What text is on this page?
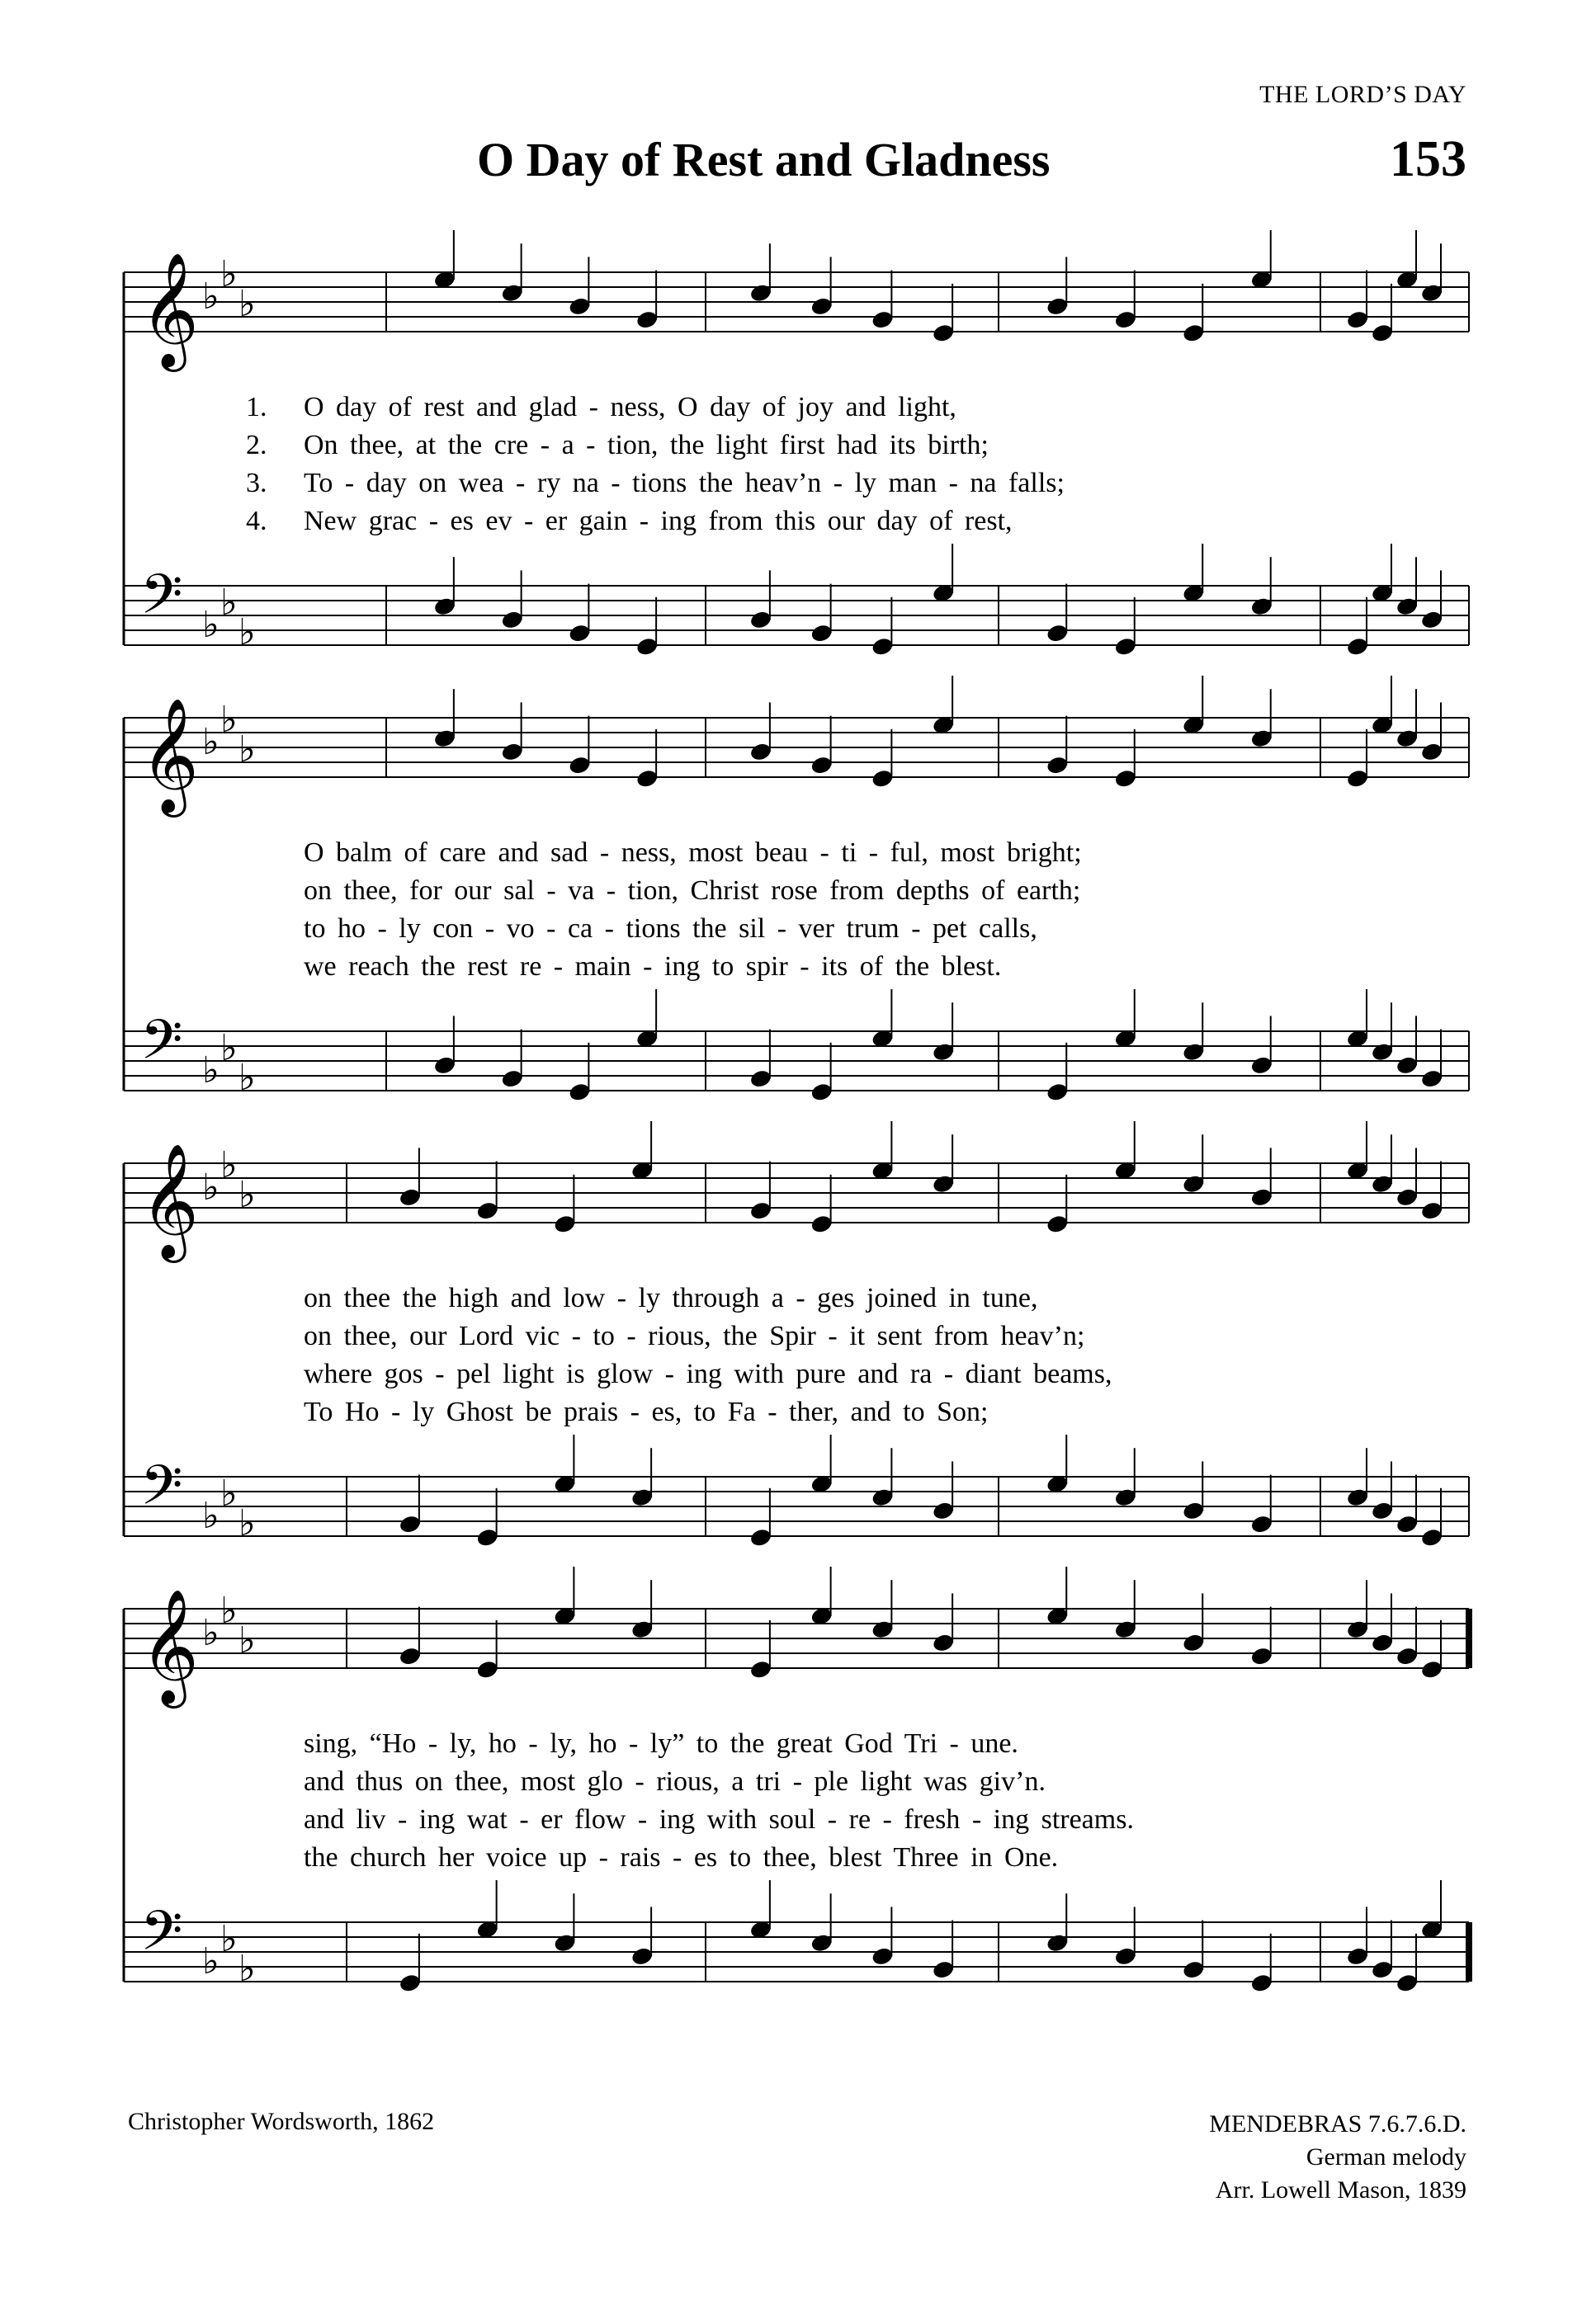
THE LORD’S DAY
O Day of Rest and Gladness	153
𝄞 ♭
♭
♭
1. O day of rest and glad - ness, O day of joy and light,
2. On thee, at the cre - a - tion, the light first had its birth;
3. To - day on wea - ry na - tions the heav’n - ly man - na falls;
4. New grac - es ev - er gain - ing from this our day of rest,
𝄢 ♭
♭
♭
𝄞 ♭
♭
♭
O balm of care and sad - ness, most beau - ti - ful, most bright;
on thee, for our sal - va - tion, Christ rose from depths of earth;
to ho - ly con - vo - ca - tions the sil - ver trum - pet calls,
we reach the rest re - main - ing to spir - its of the blest.
𝄢 ♭
♭
♭
𝄞 ♭
♭
♭
on thee the high and low - ly through a - ges joined in tune,
on thee, our Lord vic - to - rious, the Spir - it sent from heav’n;
where gos - pel light is glow - ing with pure and ra - diant beams,
To Ho - ly Ghost be prais - es, to Fa - ther, and to Son;
𝄢 ♭
♭
♭
𝄞 ♭
♭
♭
sing, “Ho - ly, ho - ly, ho - ly” to the great God Tri - une.
and thus on thee, most glo - rious, a tri - ple light was giv’n.
and liv - ing wat - er flow - ing with soul - re - fresh - ing streams.
the church her voice up - rais - es to thee, blest Three in One.
𝄢 ♭
♭
♭
Christopher Wordsworth, 1862	MENDEBRAS 7.6.7.6.D.
German melody
Arr. Lowell Mason, 1839
